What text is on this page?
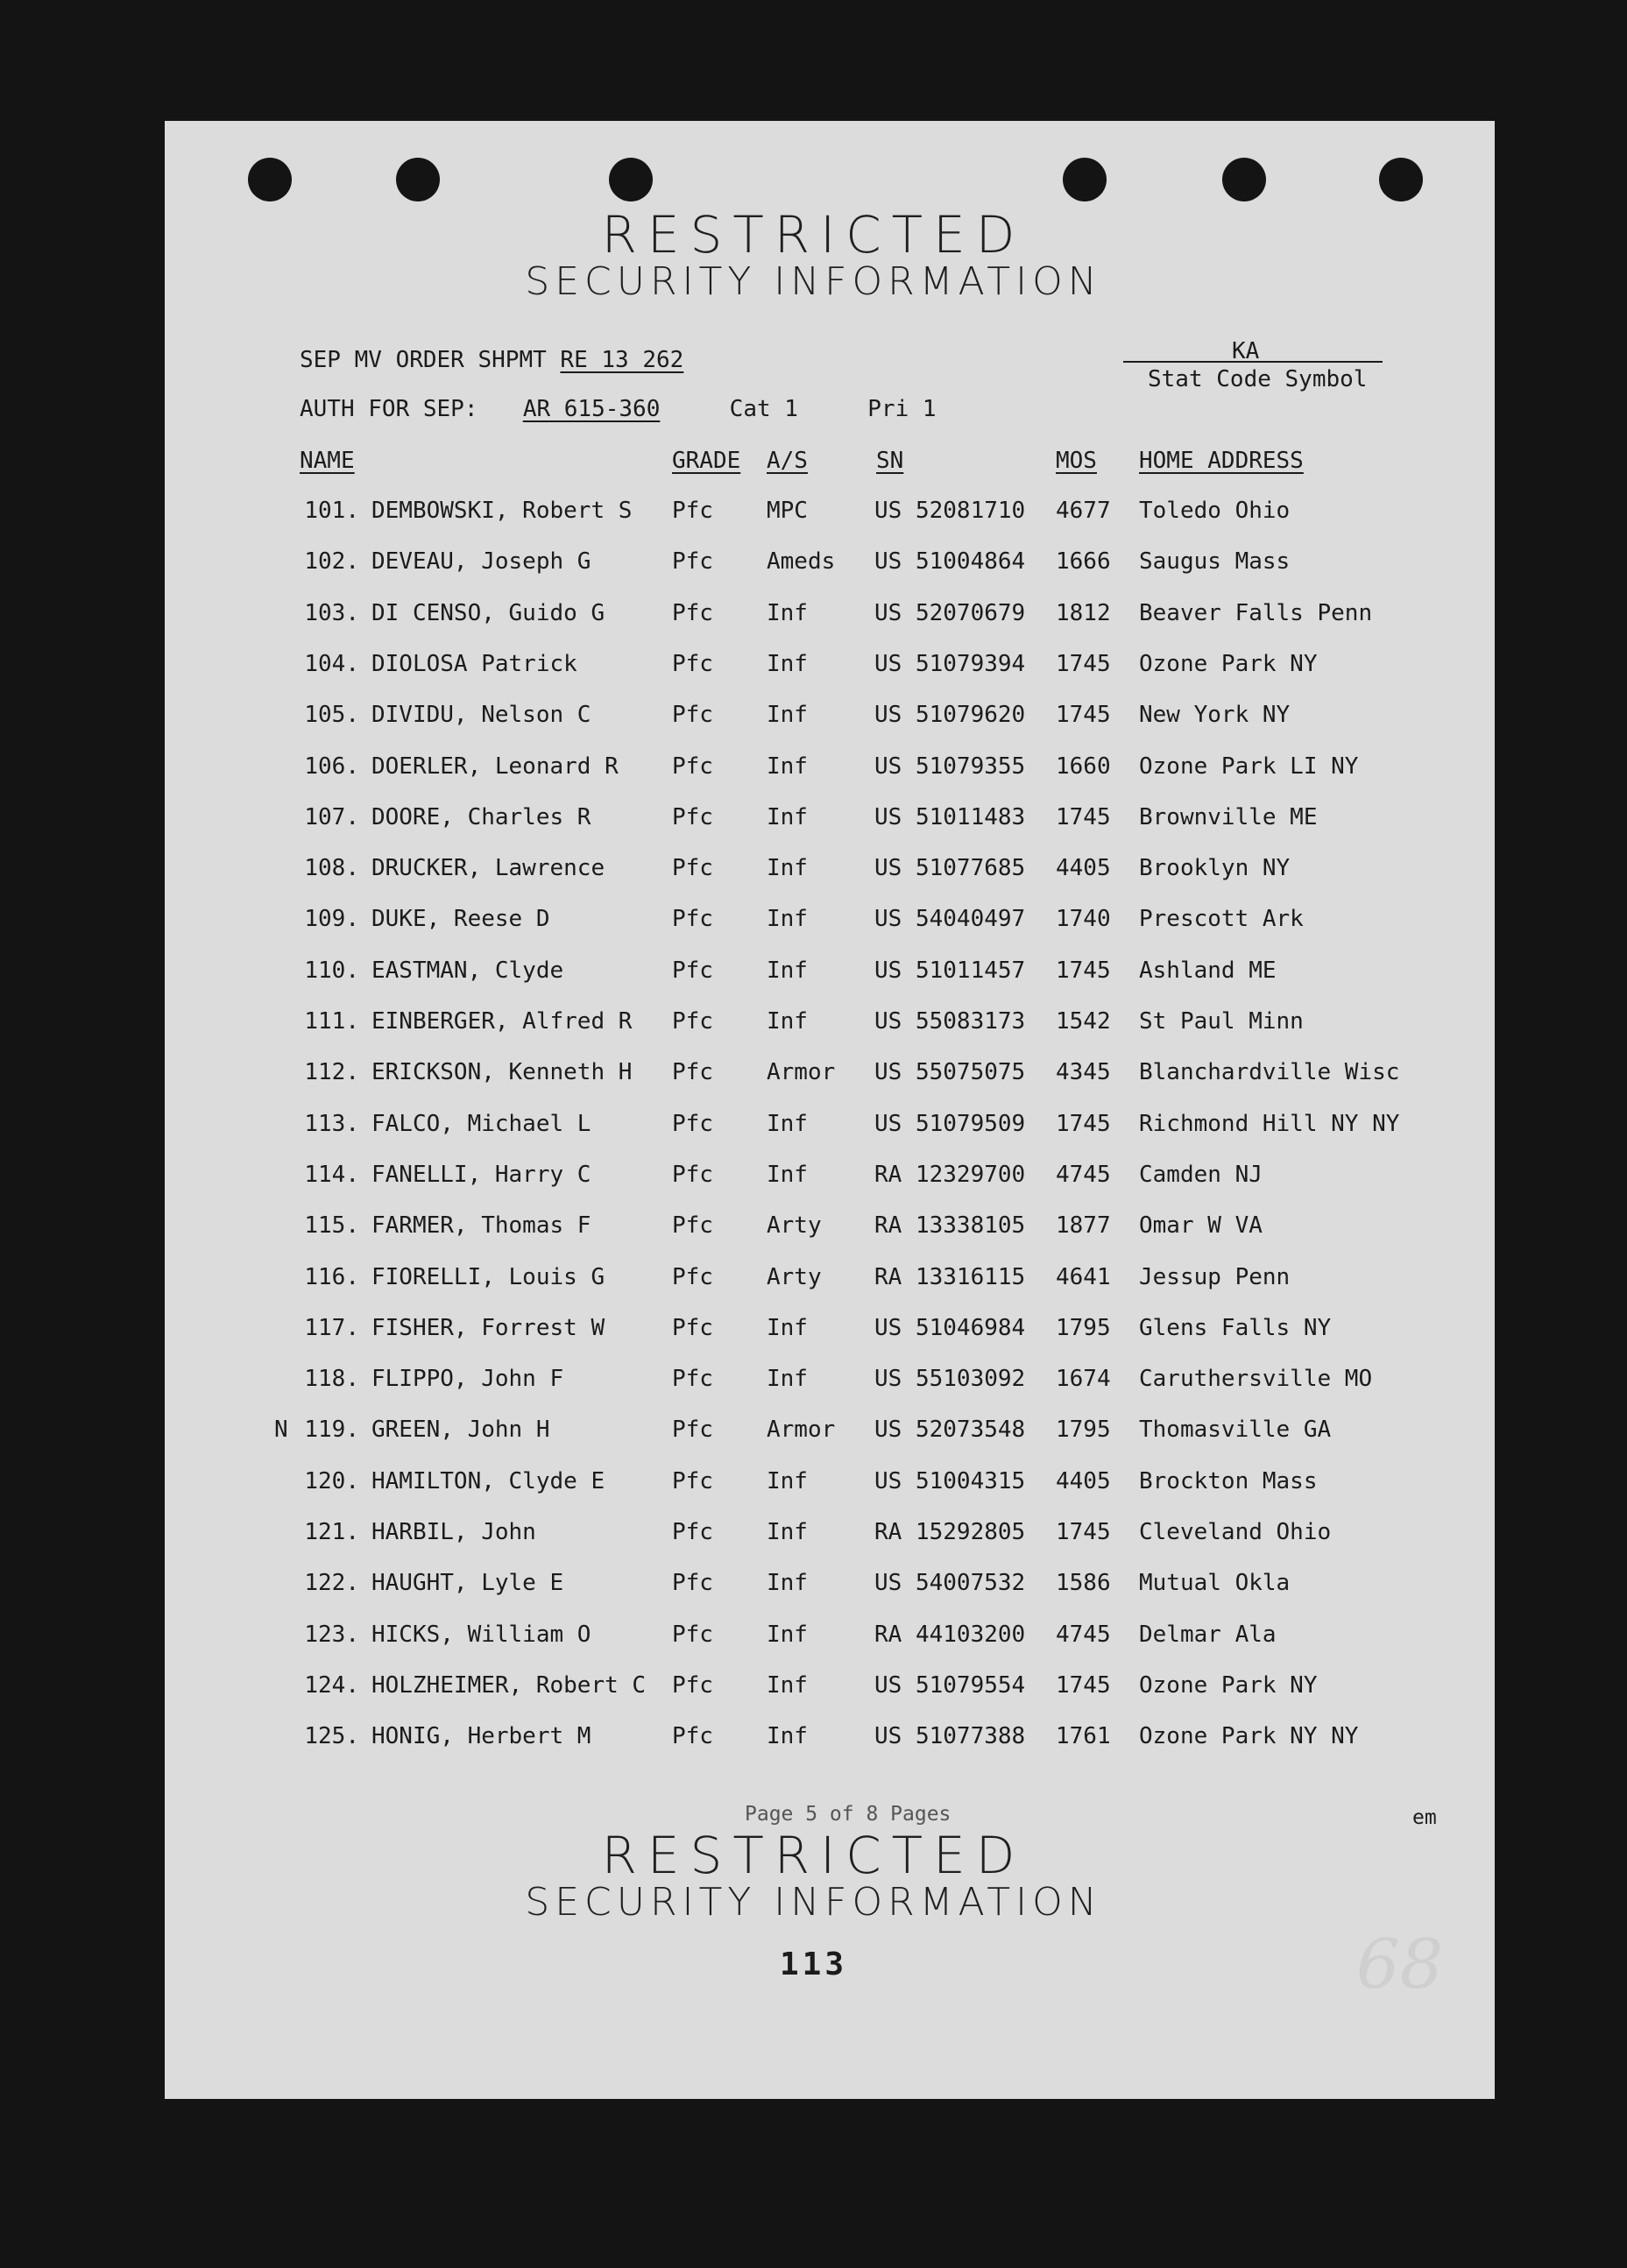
RESTRICTED
SECURITY INFORMATION
SEP MV ORDER SHPMT RE 13 262	KA
Stat Code Symbol
AUTH FOR SEP: AR 615-360	Cat 1	Pri 1
NAME	GRADE A/S	SN	MOS HOME ADDRESS
101. DEMBOWSKI, Robert S Pfc MPC	US 52081710 4677 Toledo Ohio
102. DEVEAU, Joseph G	Pfc Ameds US 51004864 1666 Saugus Mass
103. DI CENSO, Guido G	Pfc Inf	US 52070679 1812 Beaver Falls Penn
104. DIOLOSA Patrick	Pfc Inf	US 51079394 1745 Ozone Park NY
105. DIVIDU, Nelson C	Pfc Inf	US 51079620 1745 New York NY
106. DOERLER, Leonard R Pfc Inf	US 51079355 1660 Ozone Park LI NY
107. DOORE, Charles R	Pfc Inf	US 51011483 1745 Brownville ME
108. DRUCKER, Lawrence	Pfc Inf	US 51077685 4405 Brooklyn NY
109. DUKE, Reese D	Pfc Inf	US 54040497 1740 Prescott Ark
110. EASTMAN, Clyde	Pfc Inf	US 51011457 1745 Ashland ME
111. EINBERGER, Alfred R Pfc Inf	US 55083173 1542 St Paul Minn
112. ERICKSON, Kenneth H Pfc Armor US 55075075 4345 Blanchardville Wisc
113. FALCO, Michael L	Pfc Inf	US 51079509 1745 Richmond Hill NY NY
114. FANELLI, Harry C	Pfc Inf	RA 12329700 4745 Camden NJ
115. FARMER, Thomas F	Pfc Arty RA 13338105 1877 Omar W VA
116. FIORELLI, Louis G	Pfc Arty RA 13316115 4641 Jessup Penn
117. FISHER, Forrest W	Pfc Inf	US 51046984 1795 Glens Falls NY
118. FLIPPO, John F	Pfc Inf	US 55103092 1674 Caruthersville MO
N 119. GREEN, John H	Pfc Armor US 52073548 1795 Thomasville GA
120. HAMILTON, Clyde E	Pfc Inf	US 51004315 4405 Brockton Mass
121. HARBIL, John	Pfc Inf	RA 15292805 1745 Cleveland Ohio
122. HAUGHT, Lyle E	Pfc Inf	US 54007532 1586 Mutual Okla
123. HICKS, William O	Pfc Inf	RA 44103200 4745 Delmar Ala
124. HOLZHEIMER, Robert C Pfc Inf	US 51079554 1745 Ozone Park NY
125. HONIG, Herbert M	Pfc Inf	US 51077388 1761 Ozone Park NY NY
Page 5 of 8 Pages	em
RESTRICTED
SECURITY INFORMATION
113	68
